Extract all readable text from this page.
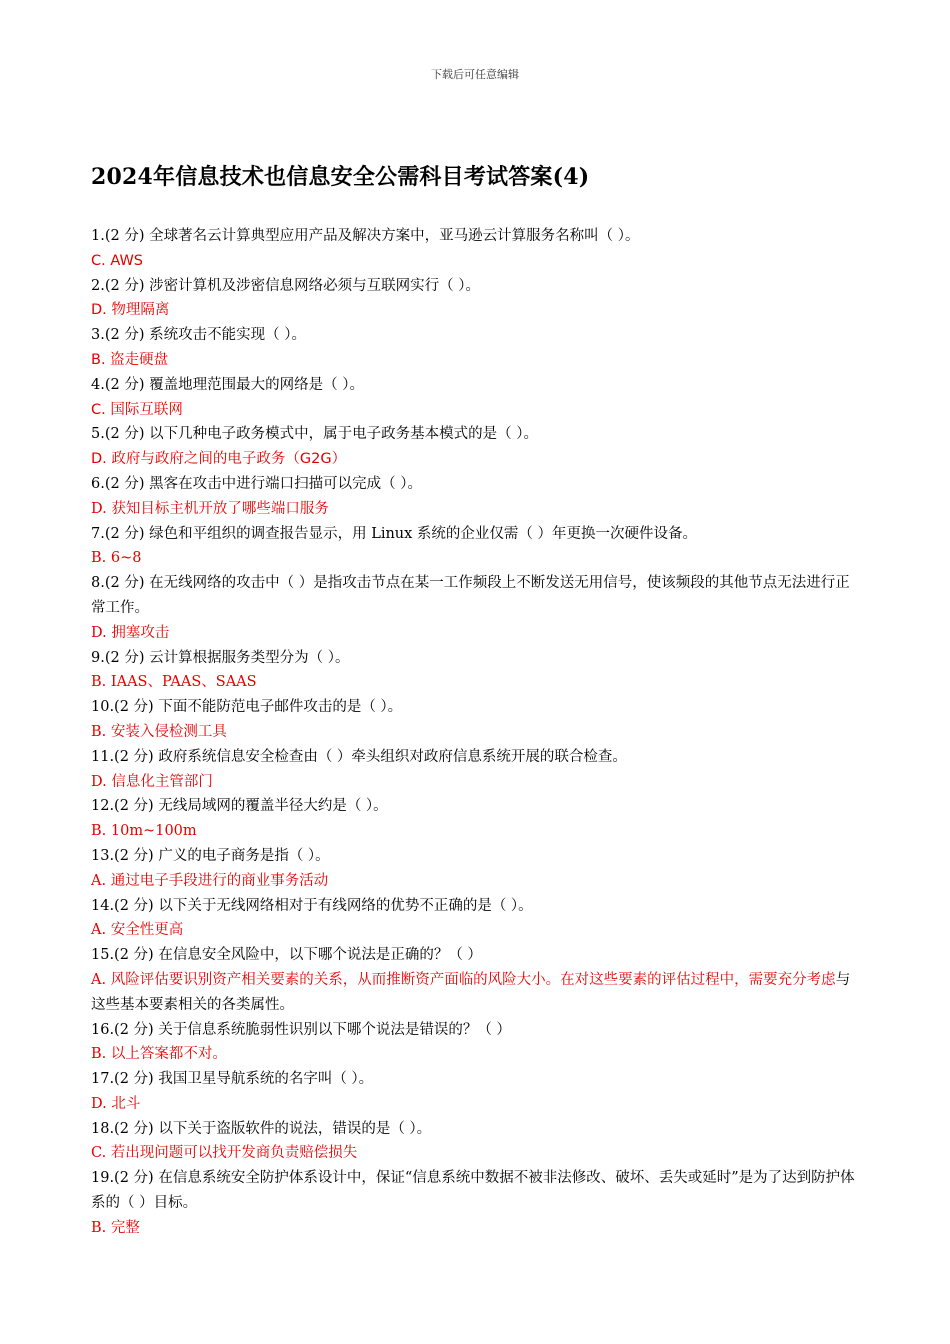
下载后可任意编辑
2024年信息技术也信息安全公需科目考试答案(4)
1.(2 分) 全球著名云计算典型应用产品及解决方案中，亚马逊云计算服务名称叫（ ）。
C. AWS
2.(2 分) 涉密计算机及涉密信息网络必须与互联网实行（ ）。
D. 物理隔离
3.(2 分) 系统攻击不能实现（ ）。
B. 盗走硬盘
4.(2 分) 覆盖地理范围最大的网络是（ ）。
C. 国际互联网
5.(2 分) 以下几种电子政务模式中，属于电子政务基本模式的是（ ）。
D. 政府与政府之间的电子政务（G2G）
6.(2 分) 黑客在攻击中进行端口扫描可以完成（ ）。
D. 获知目标主机开放了哪些端口服务
7.(2 分) 绿色和平组织的调查报告显示，用 Linux 系统的企业仅需（ ）年更换一次硬件设备。
B. 6~8
8.(2 分) 在无线网络的攻击中（ ）是指攻击节点在某一工作频段上不断发送无用信号，使该频段的其他节点无法进行正常工作。
D. 拥塞攻击
9.(2 分) 云计算根据服务类型分为（ ）。
B. IAAS、PAAS、SAAS
10.(2 分) 下面不能防范电子邮件攻击的是（ ）。
B. 安装入侵检测工具
11.(2 分) 政府系统信息安全检查由（ ）牵头组织对政府信息系统开展的联合检查。
D. 信息化主管部门
12.(2 分) 无线局域网的覆盖半径大约是（ ）。
B. 10m~100m
13.(2 分) 广义的电子商务是指（ ）。
A. 通过电子手段进行的商业事务活动
14.(2 分) 以下关于无线网络相对于有线网络的优势不正确的是（ ）。
A. 安全性更高
15.(2 分) 在信息安全风险中，以下哪个说法是正确的？（ ）
A. 风险评估要识别资产相关要素的关系，从而推断资产面临的风险大小。在对这些要素的评估过程中，需要充分考虑与这些基本要素相关的各类属性。
16.(2 分) 关于信息系统脆弱性识别以下哪个说法是错误的？（ ）
B. 以上答案都不对。
17.(2 分) 我国卫星导航系统的名字叫（ ）。
D. 北斗
18.(2 分) 以下关于盗版软件的说法，错误的是（ ）。
C. 若出现问题可以找开发商负责赔偿损失
19.(2 分) 在信息系统安全防护体系设计中，保证“信息系统中数据不被非法修改、破坏、丢失或延时”是为了达到防护体系的（ ）目标。
B. 完整
